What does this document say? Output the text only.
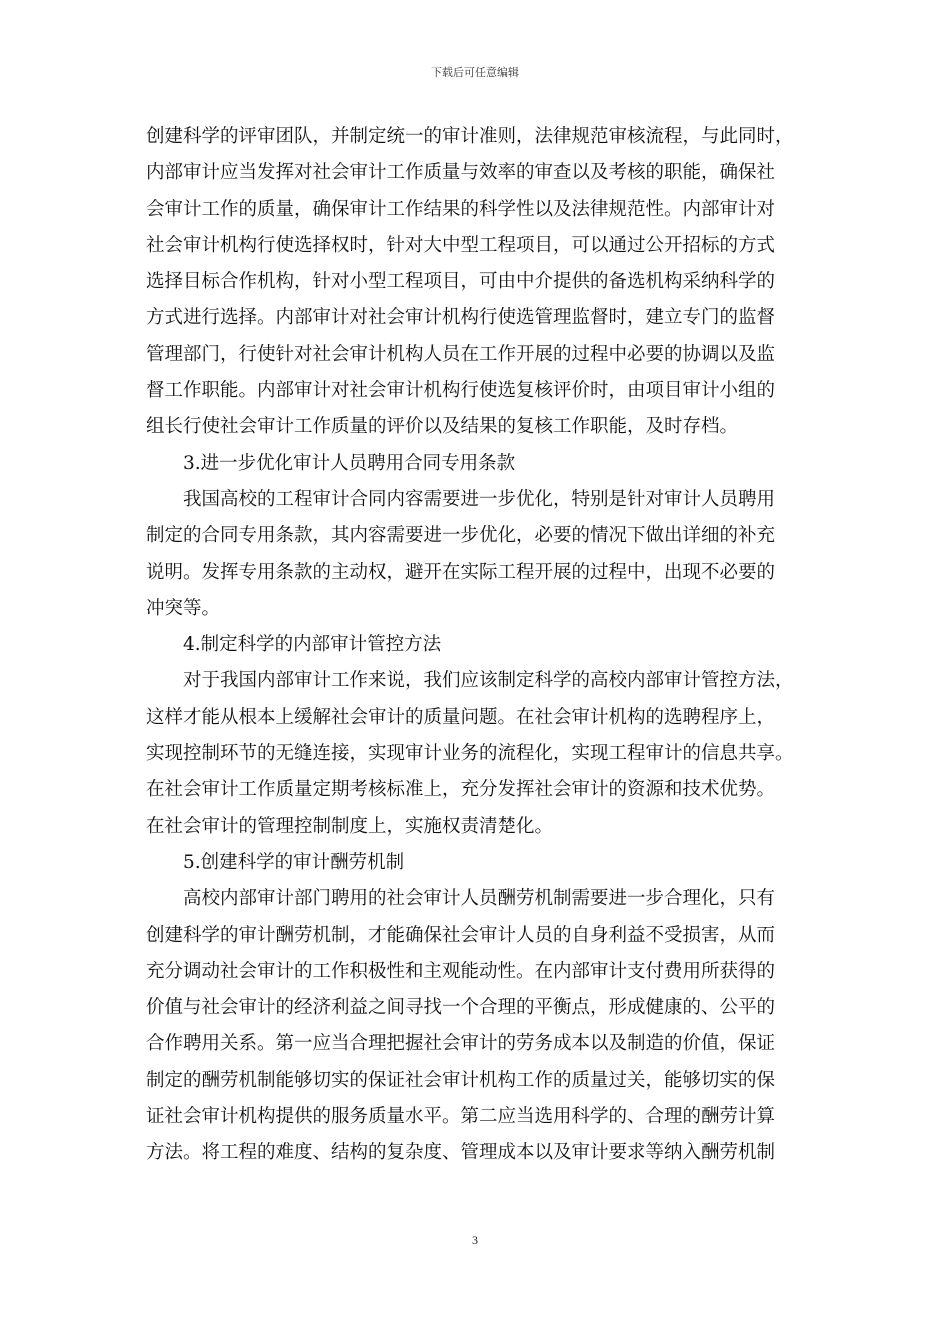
下载后可任意编辑
创建科学的评审团队，并制定统一的审计准则，法律规范审核流程，与此同时，
内部审计应当发挥对社会审计工作质量与效率的审查以及考核的职能，确保社
会审计工作的质量，确保审计工作结果的科学性以及法律规范性。内部审计对
社会审计机构行使选择权时，针对大中型工程项目，可以通过公开招标的方式
选择目标合作机构，针对小型工程项目，可由中介提供的备选机构采纳科学的
方式进行选择。内部审计对社会审计机构行使选管理监督时，建立专门的监督
管理部门，行使针对社会审计机构人员在工作开展的过程中必要的协调以及监
督工作职能。内部审计对社会审计机构行使选复核评价时，由项目审计小组的
组长行使社会审计工作质量的评价以及结果的复核工作职能，及时存档。
3.进一步优化审计人员聘用合同专用条款
我国高校的工程审计合同内容需要进一步优化，特别是针对审计人员聘用
制定的合同专用条款，其内容需要进一步优化，必要的情况下做出详细的补充
说明。发挥专用条款的主动权，避开在实际工程开展的过程中，出现不必要的
冲突等。
4.制定科学的内部审计管控方法
对于我国内部审计工作来说，我们应该制定科学的高校内部审计管控方法，
这样才能从根本上缓解社会审计的质量问题。在社会审计机构的选聘程序上，
实现控制环节的无缝连接，实现审计业务的流程化，实现工程审计的信息共享。
在社会审计工作质量定期考核标准上，充分发挥社会审计的资源和技术优势。
在社会审计的管理控制制度上，实施权责清楚化。
5.创建科学的审计酬劳机制
高校内部审计部门聘用的社会审计人员酬劳机制需要进一步合理化，只有
创建科学的审计酬劳机制，才能确保社会审计人员的自身利益不受损害，从而
充分调动社会审计的工作积极性和主观能动性。在内部审计支付费用所获得的
价值与社会审计的经济利益之间寻找一个合理的平衡点，形成健康的、公平的
合作聘用关系。第一应当合理把握社会审计的劳务成本以及制造的价值，保证
制定的酬劳机制能够切实的保证社会审计机构工作的质量过关，能够切实的保
证社会审计机构提供的服务质量水平。第二应当选用科学的、合理的酬劳计算
方法。将工程的难度、结构的复杂度、管理成本以及审计要求等纳入酬劳机制
3
